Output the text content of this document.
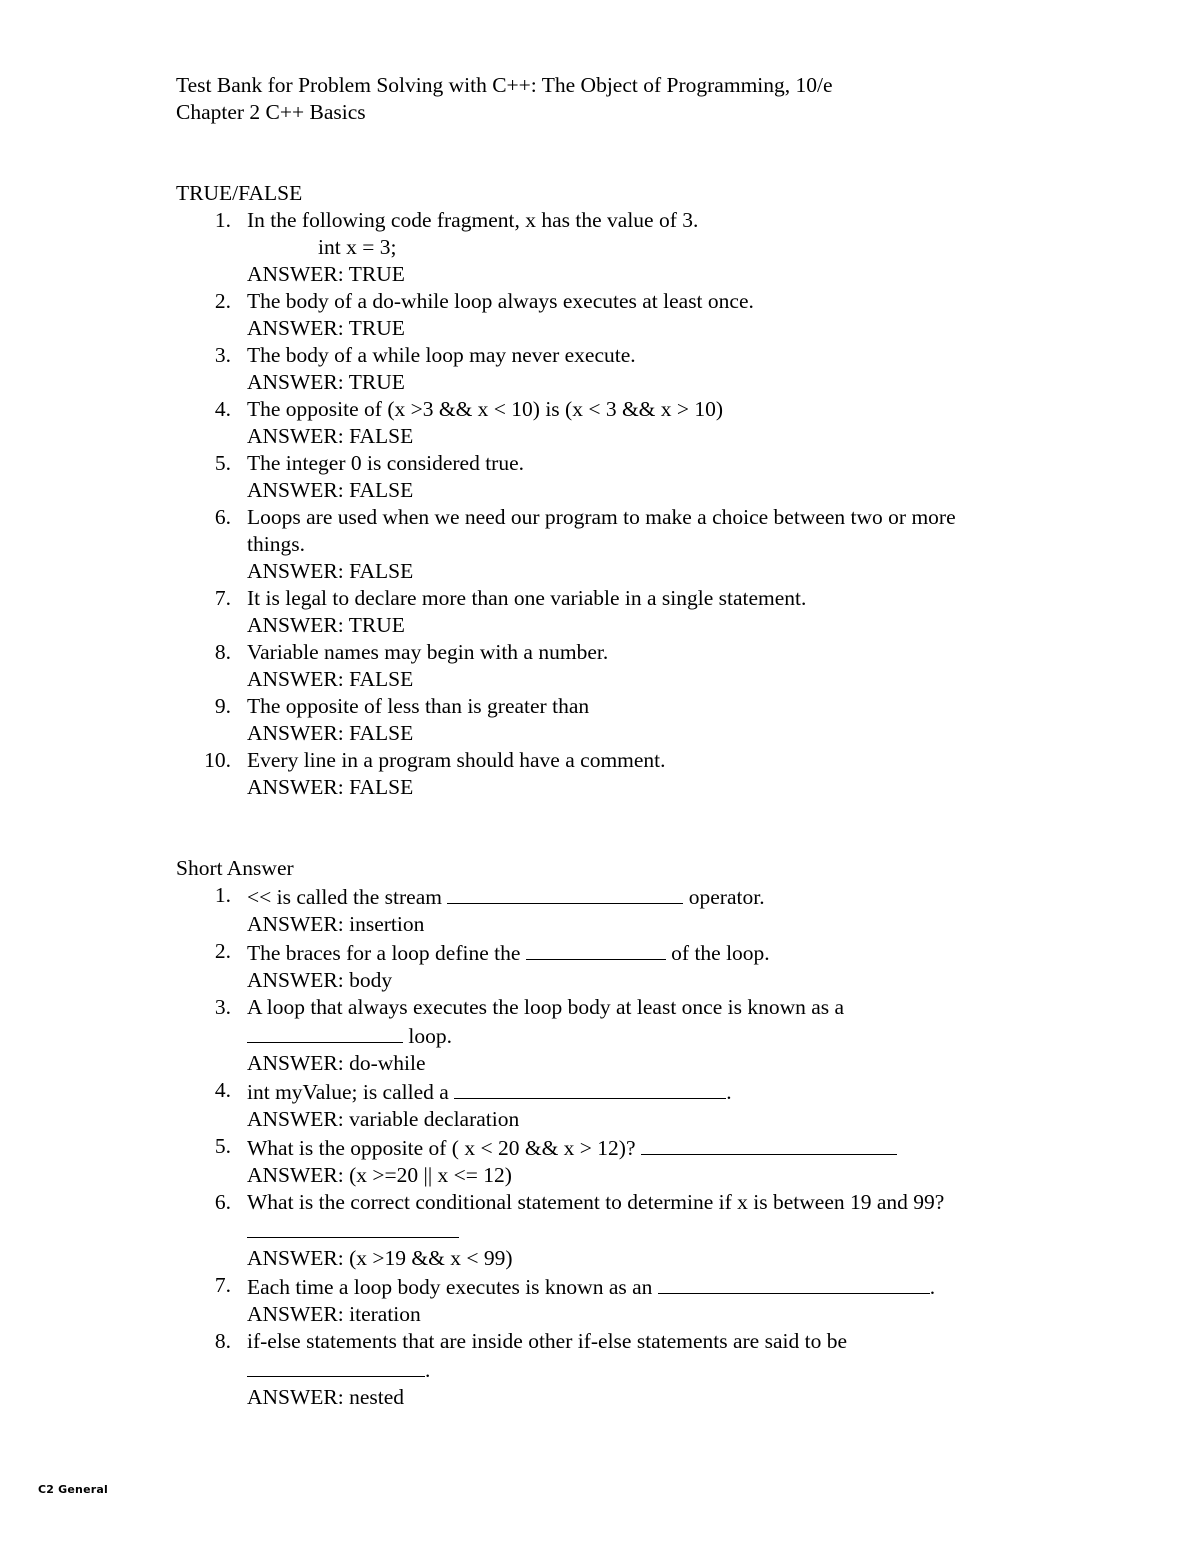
Test Bank for Problem Solving with C++: The Object of Programming, 10/e
Chapter 2 C++ Basics
TRUE/FALSE
1 . In the following code fragment, x has the value of 3.
int x = 3;
ANSWER: TRUE
2 . The body of a do-while loop always executes at least once.
ANSWER: TRUE
3 . The body of a while loop may never execute.
ANSWER: TRUE
4 . The opposite of (x >3 && x < 10) is (x < 3 && x > 10)
ANSWER: FALSE
5 . The integer 0 is considered true.
ANSWER: FALSE
6 . Loops are used when we need our program to make a choice between two or more
things.
ANSWER: FALSE
7 . It is legal to declare more than one variable in a single statement.
ANSWER: TRUE
8 . Variable names may begin with a number.
ANSWER: FALSE
9 . The opposite of less than is greater than
ANSWER: FALSE
10 . Every line in a program should have a comment.
ANSWER: FALSE
Short Answer
1 . << is called the stream	operator.
ANSWER: insertion
2 . The braces for a loop define the	of the loop.
ANSWER: body
3 . A loop that always executes the loop body at least once is known as a
loop.
ANSWER: do-while
4 . int myValue; is called a	.
ANSWER: variable declaration
5 . What is the opposite of ( x < 20 && x > 12)?
ANSWER: (x >=20 || x <= 12)
6 . What is the correct conditional statement to determine if x is between 19 and 99?
ANSWER: (x >19 && x < 99)
7 . Each time a loop body executes is known as an	.
ANSWER: iteration
8 . if-else statements that are inside other if-else statements are said to be
.
ANSWER: nested
C2 General
